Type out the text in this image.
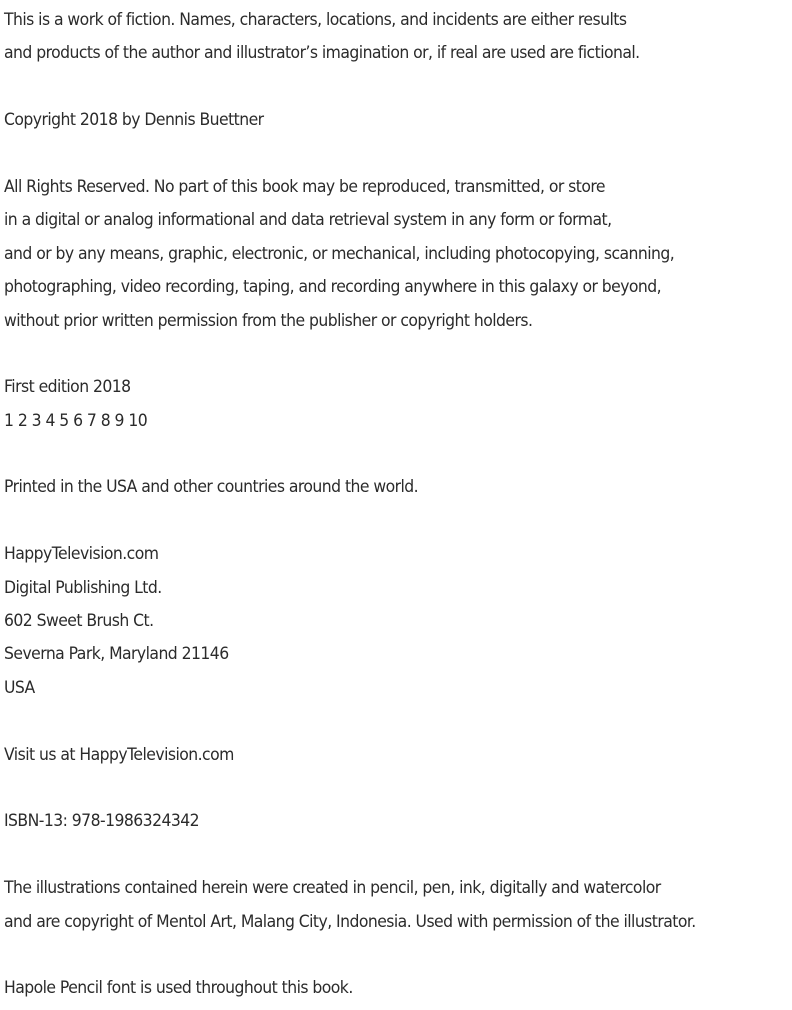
This is a work of fiction. Names, characters, locations, and incidents are either results
and products of the author and illustrator’s imagination or, if real are used are fictional.
Copyright 2018 by Dennis Buettner
All Rights Reserved. No part of this book may be reproduced, transmitted, or store
in a digital or analog informational and data retrieval system in any form or format,
and or by any means, graphic, electronic, or mechanical, including photocopying, scanning,
photographing, video recording, taping, and recording anywhere in this galaxy or beyond,
without prior written permission from the publisher or copyright holders.
First edition 2018
1 2 3 4 5 6 7 8 9 10
Printed in the USA and other countries around the world.
HappyTelevision.com
Digital Publishing Ltd.
602 Sweet Brush Ct.
Severna Park, Maryland 21146
USA
Visit us at HappyTelevision.com
ISBN-13: 978-1986324342
The illustrations contained herein were created in pencil, pen, ink, digitally and watercolor
and are copyright of Mentol Art, Malang City, Indonesia. Used with permission of the illustrator.
Hapole Pencil font is used throughout this book.
